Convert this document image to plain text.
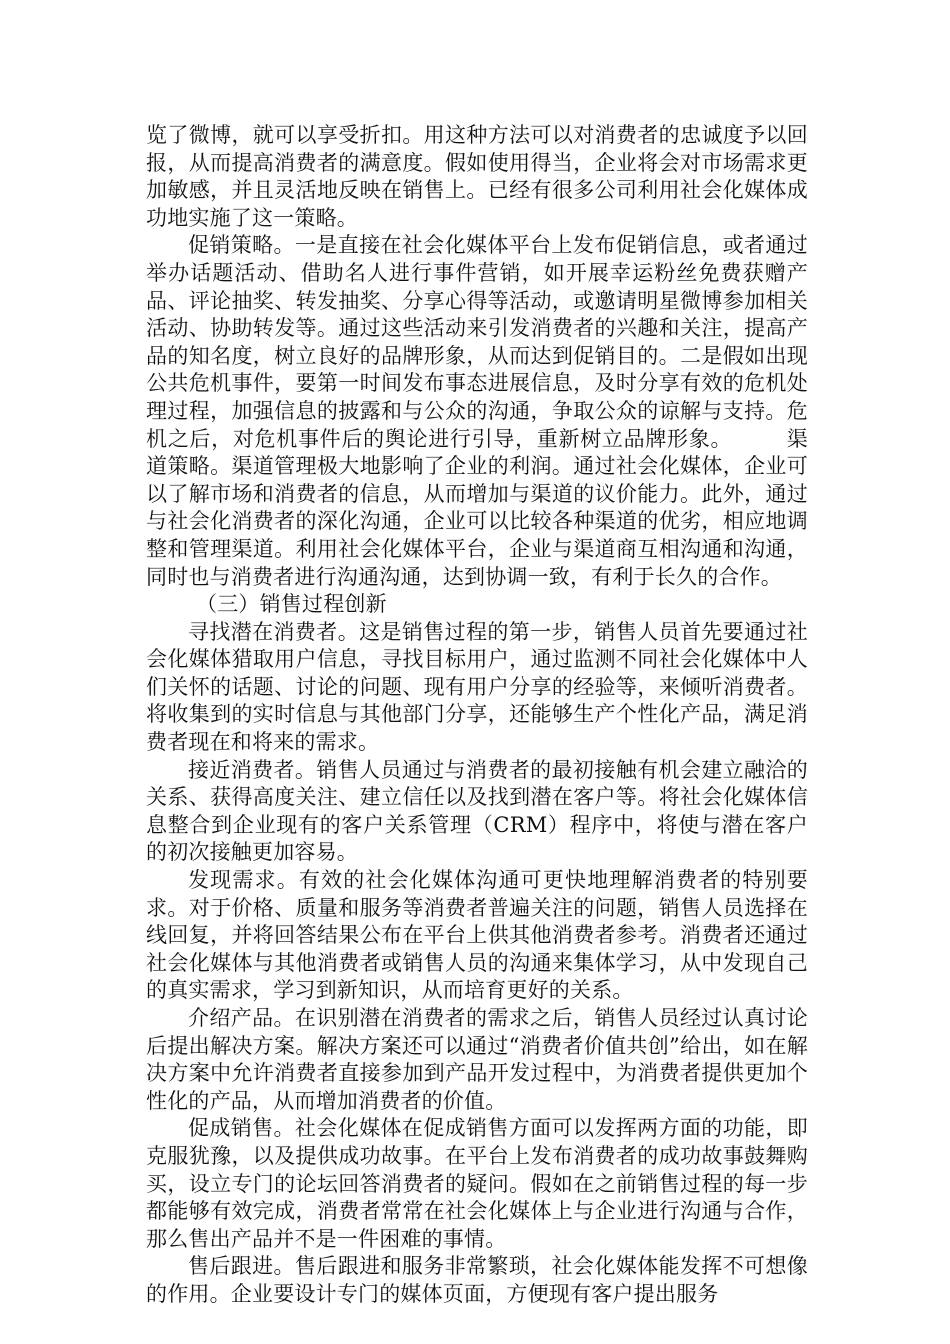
览了微博，就可以享受折扣。用这种方法可以对消费者的忠诚度予以回报，从而提高消费者的满意度。假如使用得当，企业将会对市场需求更加敏感，并且灵活地反映在销售上。已经有很多公司利用社会化媒体成功地实施了这一策略。

促销策略。一是直接在社会化媒体平台上发布促销信息，或者通过举办话题活动、借助名人进行事件营销，如开展幸运粉丝免费获赠产品、评论抽奖、转发抽奖、分享心得等活动，或邀请明星微博参加相关活动、协助转发等。通过这些活动来引发消费者的兴趣和关注，提高产品的知名度，树立良好的品牌形象，从而达到促销目的。二是假如出现公共危机事件，要第一时间发布事态进展信息，及时分享有效的危机处理过程，加强信息的披露和与公众的沟通，争取公众的谅解与支持。危机之后，对危机事件后的舆论进行引导，重新树立品牌形象。　　　渠道策略。渠道管理极大地影响了企业的利润。通过社会化媒体，企业可以了解市场和消费者的信息，从而增加与渠道的议价能力。此外，通过与社会化消费者的深化沟通，企业可以比较各种渠道的优劣，相应地调整和管理渠道。利用社会化媒体平台，企业与渠道商互相沟通和沟通，同时也与消费者进行沟通沟通，达到协调一致，有利于长久的合作。

（三）销售过程创新

寻找潜在消费者。这是销售过程的第一步，销售人员首先要通过社会化媒体猎取用户信息，寻找目标用户，通过监测不同社会化媒体中人们关怀的话题、讨论的问题、现有用户分享的经验等，来倾听消费者。将收集到的实时信息与其他部门分享，还能够生产个性化产品，满足消费者现在和将来的需求。

接近消费者。销售人员通过与消费者的最初接触有机会建立融洽的关系、获得高度关注、建立信任以及找到潜在客户等。将社会化媒体信息整合到企业现有的客户关系管理（CRM）程序中，将使与潜在客户的初次接触更加容易。

发现需求。有效的社会化媒体沟通可更快地理解消费者的特别要求。对于价格、质量和服务等消费者普遍关注的问题，销售人员选择在线回复，并将回答结果公布在平台上供其他消费者参考。消费者还通过社会化媒体与其他消费者或销售人员的沟通来集体学习，从中发现自己的真实需求，学习到新知识，从而培育更好的关系。

介绍产品。在识别潜在消费者的需求之后，销售人员经过认真讨论后提出解决方案。解决方案还可以通过“消费者价值共创”给出，如在解决方案中允许消费者直接参加到产品开发过程中，为消费者提供更加个性化的产品，从而增加消费者的价值。

促成销售。社会化媒体在促成销售方面可以发挥两方面的功能，即克服犹豫，以及提供成功故事。在平台上发布消费者的成功故事鼓舞购买，设立专门的论坛回答消费者的疑问。假如在之前销售过程的每一步都能够有效完成，消费者常常在社会化媒体上与企业进行沟通与合作，那么售出产品并不是一件困难的事情。

售后跟进。售后跟进和服务非常繁琐，社会化媒体能发挥不可想像的作用。企业要设计专门的媒体页面，方便现有客户提出服务
